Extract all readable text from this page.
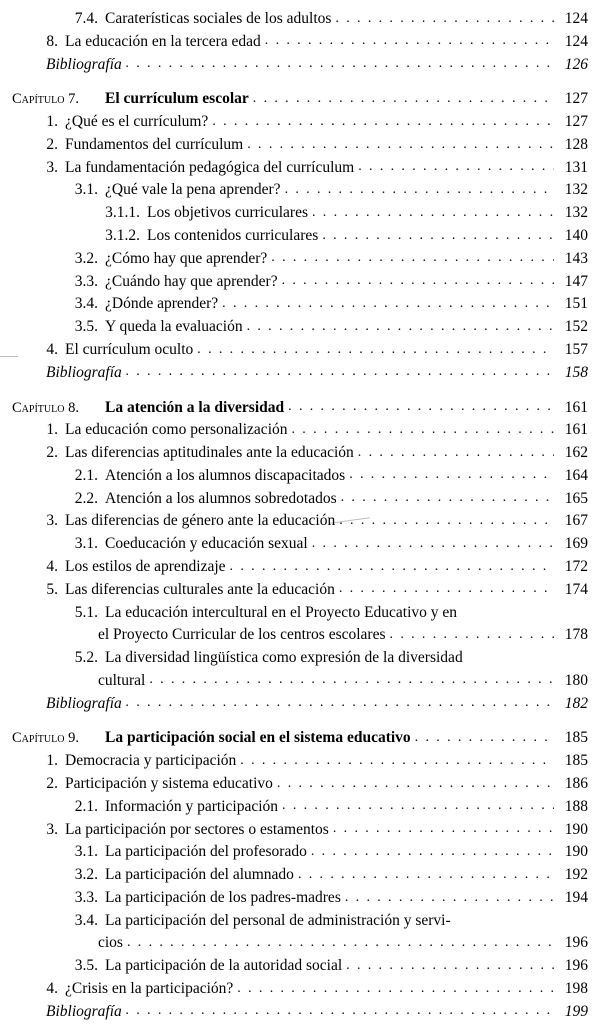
7.4. Caraterísticas sociales de los adultos . . .	124
8. La educación en la tercera edad . . .	124
Bibliografía . . .	126
Capítulo 7.	El currículum escolar . . .	127
1. ¿Qué es el currículum? . . .	127
2. Fundamentos del currículum . . .	128
3. La fundamentación pedagógica del currículum . . .	131
3.1. ¿Qué vale la pena aprender? . . .	132
3.1.1. Los objetivos curriculares . . .	132
3.1.2. Los contenidos curriculares . . .	140
3.2. ¿Cómo hay que aprender? . . .	143
3.3. ¿Cuándo hay que aprender? . . .	147
3.4. ¿Dónde aprender? . . .	151
3.5. Y queda la evaluación . . .	152
4. El currículum oculto . . .	157
Bibliografía . . .	158
Capítulo 8.	La atención a la diversidad . . .	161
1. La educación como personalización . . .	161
2. Las diferencias aptitudinales ante la educación . . .	162
2.1. Atención a los alumnos discapacitados . . .	164
2.2. Atención a los alumnos sobredotados . . .	165
3. Las diferencias de género ante la educación . . .	167
3.1. Coeducación y educación sexual . . .	169
4. Los estilos de aprendizaje . . .	172
5. Las diferencias culturales ante la educación . . .	174
5.1. La educación intercultural en el Proyecto Educativo y en
el Proyecto Curricular de los centros escolares . . .	178
5.2. La diversidad lingüística como expresión de la diversidad
cultural . . .	180
Bibliografía . . .	182
Capítulo 9.	La participación social en el sistema educativo . . .	185
1. Democracia y participación . . .	185
2. Participación y sistema educativo . . .	186
2.1. Información y participación . . .	188
3. La participación por sectores o estamentos . . .	190
3.1. La participación del profesorado . . .	190
3.2. La participación del alumnado . . .	192
3.3. La participación de los padres-madres . . .	194
3.4. La participación del personal de administración y servi-
cios . . .	196
3.5. La participación de la autoridad social . . .	196
4. ¿Crisis en la participación? . . .	198
Bibliografía . . .	199
